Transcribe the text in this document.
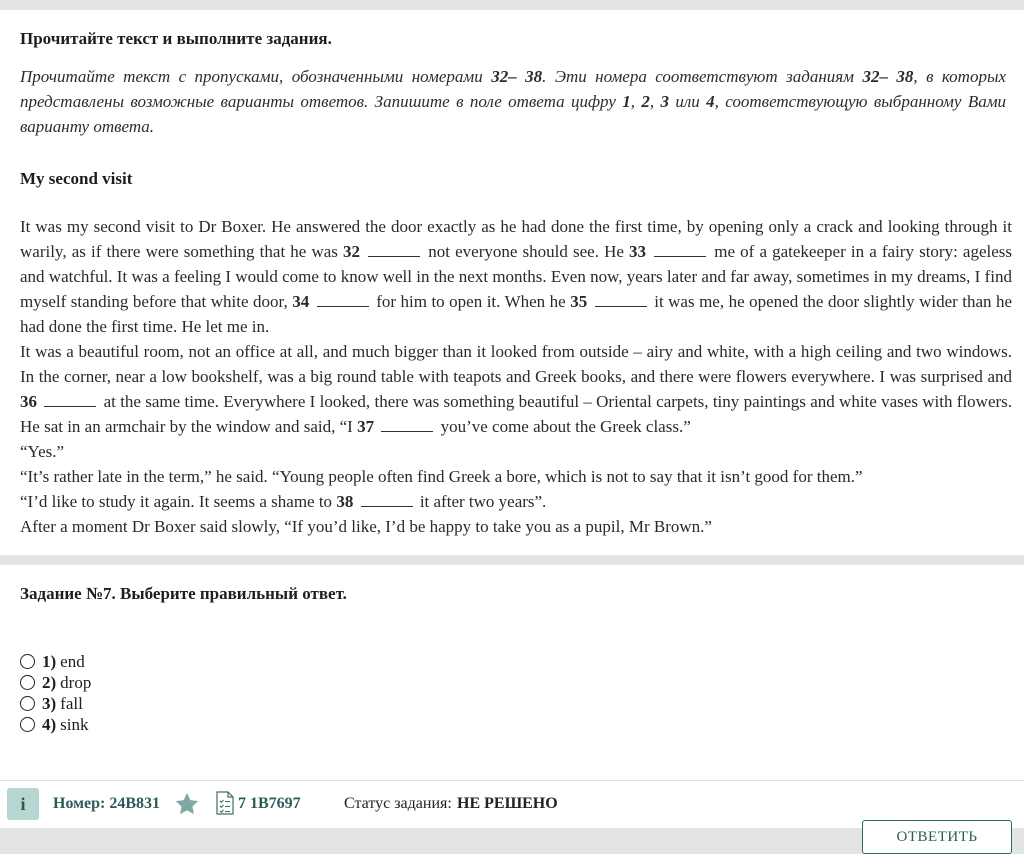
Прочитайте текст и выполните задания.
Прочитайте текст с пропусками, обозначенными номерами 32– 38. Эти номера соответствуют заданиям 32– 38, в которых представлены возможные варианты ответов. Запишите в поле ответа цифру 1, 2, 3 или 4, соответствующую выбранному Вами варианту ответа.
My second visit

It was my second visit to Dr Boxer. He answered the door exactly as he had done the first time, by opening only a crack and looking through it warily, as if there were something that he was 32	not everyone should see. He 33	me of a gatekeeper in a fairy story: ageless and watchful. It was a feeling I would come to know well in the next months. Even now, years later and far away, sometimes in my dreams, I find myself standing before that white door, 34	for him to open it. When he 35	it was me, he opened the door slightly wider than he had done the first time. He let me in.

It was a beautiful room, not an office at all, and much bigger than it looked from outside – airy and white, with a high ceiling and two windows. In the corner, near a low bookshelf, was a big round table with teapots and Greek books, and there were flowers everywhere. I was surprised and 36	at the same time. Everywhere I looked, there was something beautiful – Oriental carpets, tiny paintings and white vases with flowers. He sat in an armchair by the window and said, “I 37	you’ve come about the Greek class.”

“Yes.”

“It’s rather late in the term,” he said. “Young people often find Greek a bore, which is not to say that it isn’t good for them.”

“I’d like to study it again. It seems a shame to 38	it after two years”.

After a moment Dr Boxer said slowly, “If you’d like, I’d be happy to take you as a pupil, Mr Brown.”

Задание №7. Выберите правильный ответ.
1) end
2) drop
3) fall
4) sink
i	Номер: 24В831	7 1B7697	Статус задания: НЕ РЕШЕНО
ОТВЕТИТЬ
